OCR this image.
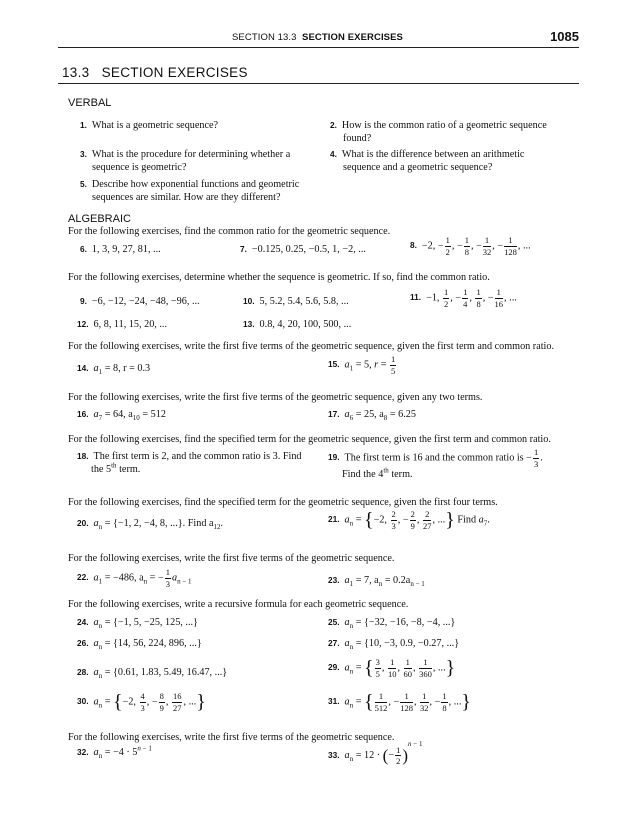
SECTION 13.3 SECTION EXERCISES	1085
13.3   SECTION EXERCISES
VERBAL
1. What is a geometric sequence?	2. How is the common ratio of a geometric sequence
found?
3. What is the procedure for determining whether a
sequence is geometric?
4. What is the difference between an arithmetic
sequence and a geometric sequence?
5. Describe how exponential functions and geometric
sequences are similar. How are they different?
ALGEBRAIC
For the following exercises, find the common ratio for the geometric sequence.
6. 1, 3, 9, 27, 81, ...	7. −0.125, 0.25, −0.5, 1, −2, ...	8. −2, − $\frac{1}{2}$ , − $\frac{1}{8}$ , − $\frac{1}{32}$ , − $\frac{1}{128}$ , ...
For the following exercises, determine whether the sequence is geometric. If so, find the common ratio.
9. −6, −12, −24, −48, −96, ...	10. 5, 5.2, 5.4, 5.6, 5.8, ...	11. −1, $\frac{1}{2}$ , − $\frac{1}{4}$ , $\frac{1}{8}$ , − $\frac{1}{16}$ , ...
12. 6, 8, 11, 15, 20, ...	13. 0.8, 4, 20, 100, 500, ...
For the following exercises, write the first five terms of the geometric sequence, given the first term and common ratio.
14. $a_1 = 8$, r = 0.3	15. $a_1 = 5$, $r = \frac{1}{5}$
For the following exercises, write the first five terms of the geometric sequence, given any two terms.
16. $a_7 = 64$, $a_{10} = 512$	17. $a_6 = 25$, $a_8 = 6.25$
For the following exercises, find the specified term for the geometric sequence, given the first term and common ratio.
18. The first term is 2, and the common ratio is 3. Find
the 5th term.
19. The first term is 16 and the common ratio is − $\frac{1}{3}$ .
Find the 4th term.
For the following exercises, find the specified term for the geometric sequence, given the first four terms.
20. $a_n = \{-1$, 2, −4, 8, ...}. Find $a_{12}$.	21. $a_n = \{-2$, $\frac{2}{3}$ , − $\frac{2}{9}$ , $\frac{2}{27}$ , ...} Find $a_7$.
For the following exercises, write the first five terms of the geometric sequence.
22. $a_1 = -486$, $a_n$ = − $\frac{1}{3} a_{n - 1}$	23. $a_1 = 7$, $a_n = 0.2a_{n - 1}$
For the following exercises, write a recursive formula for each geometric sequence.
24. $a_n = \{-1$, 5, −25, 125, ...}	25. $a_n = \{-32$, −16, −8, −4, ...}
26. $a_n = \{14$, 56, 224, 896, ...}	27. $a_n = \{10$, −3, 0.9, −0.27, ...}
28. $a_n = \{0.61$, 1.83, 5.49, 16.47, ...}	29. $a_n$ = { $\frac{3}{5}$ , $\frac{1}{10}$ , $\frac{1}{60}$ , $\frac{1}{360}$ , ...}
30. $a_n = \{-2$, $\frac{4}{3}$ , − $\frac{8}{9}$ , $\frac{16}{27}$ , ...}	31. $a_n$ = { $\frac{1}{512}$ , − $\frac{1}{128}$ , $\frac{1}{32}$ , − $\frac{1}{8}$ , ...}
For the following exercises, write the first five terms of the geometric sequence.
32. $a_n = -4 \cdot 5^{n - 1}$
33. $a_n = 12$ · (− $\frac{1}{2} )^{n - 1}$
